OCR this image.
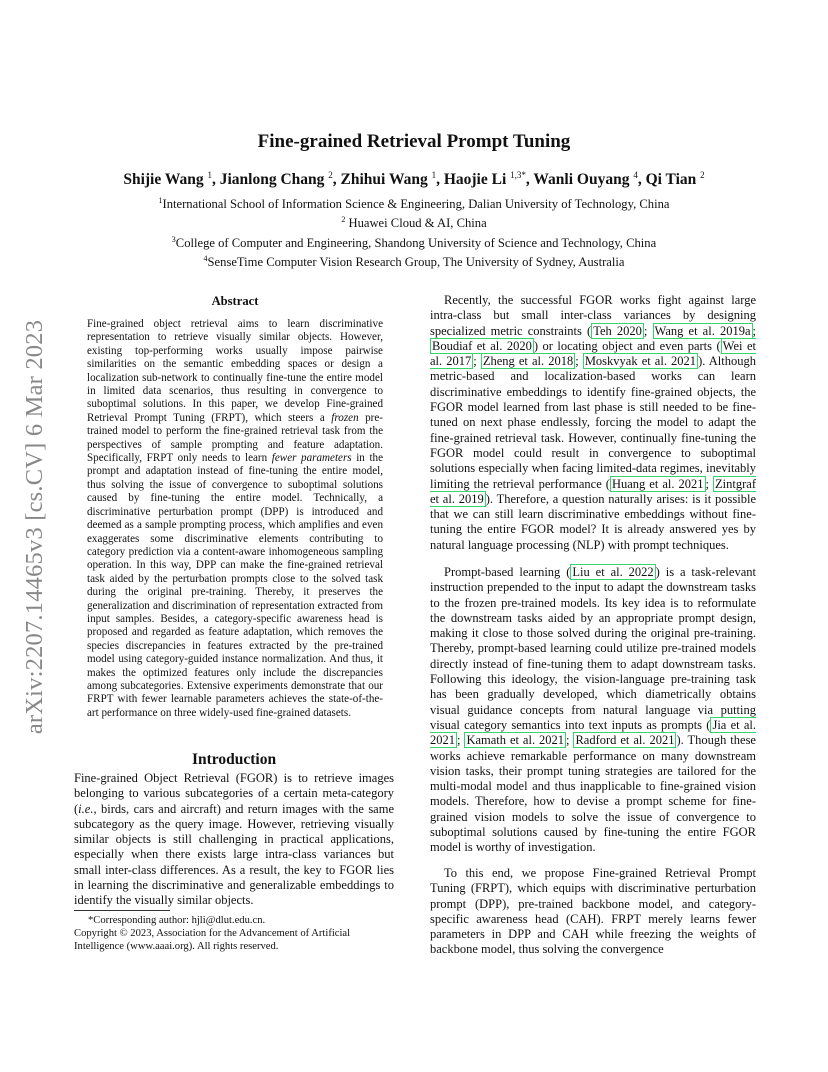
Fine-grained Retrieval Prompt Tuning
Shijie Wang $^1$, Jianlong Chang $^2$, Zhihui Wang $^1$, Haojie Li $^{1,3*}$, Wanli Ouyang $^4$, Qi Tian $^2$
$^1$International School of Information Science & Engineering, Dalian University of Technology, China
$^2$ Huawei Cloud & AI, China
$^3$College of Computer and Engineering, Shandong University of Science and Technology, China
$^4$SenseTime Computer Vision Research Group, The University of Sydney, Australia
arXiv:2207.14465v3 [cs.CV] 6 Mar 2023
Abstract

Fine-grained object retrieval aims to learn discriminative representation to retrieve visually similar objects. However, existing top-performing works usually impose pairwise similarities on the semantic embedding spaces or design a localization sub-network to continually fine-tune the entire model in limited data scenarios, thus resulting in convergence to suboptimal solutions. In this paper, we develop Fine-grained Retrieval Prompt Tuning (FRPT), which steers a frozen pre-trained model to perform the fine-grained retrieval task from the perspectives of sample prompting and feature adaptation. Specifically, FRPT only needs to learn fewer parameters in the prompt and adaptation instead of fine-tuning the entire model, thus solving the issue of convergence to suboptimal solutions caused by fine-tuning the entire model. Technically, a discriminative perturbation prompt (DPP) is introduced and deemed as a sample prompting process, which amplifies and even exaggerates some discriminative elements contributing to category prediction via a content-aware inhomogeneous sampling operation. In this way, DPP can make the fine-grained retrieval task aided by the perturbation prompts close to the solved task during the original pre-training. Thereby, it preserves the generalization and discrimination of representation extracted from input samples. Besides, a category-specific awareness head is proposed and regarded as feature adaptation, which removes the species discrepancies in features extracted by the pre-trained model using category-guided instance normalization. And thus, it makes the optimized features only include the discrepancies among subcategories. Extensive experiments demonstrate that our FRPT with fewer learnable parameters achieves the state-of-the-art performance on three widely-used fine-grained datasets.

Introduction

Fine-grained Object Retrieval (FGOR) is to retrieve images belonging to various subcategories of a certain meta-category (i.e., birds, cars and aircraft) and return images with the same subcategory as the query image. However, retrieving visually similar objects is still challenging in practical applications, especially when there exists large intra-class variances but small inter-class differences. As a result, the key to FGOR lies in learning the discriminative and generalizable embeddings to identify the visually similar objects.

*Corresponding author: hjli@dlut.edu.cn.
Copyright © 2023, Association for the Advancement of Artificial Intelligence (www.aaai.org). All rights reserved.

Recently, the successful FGOR works fight against large intra-class but small inter-class variances by designing specialized metric constraints ( Teh 2020 ; Wang et al. 2019a ; Boudiaf et al. 2020 ) or locating object and even parts ( Wei et al. 2017 ; Zheng et al. 2018 ; Moskvyak et al. 2021 ). Although metric-based and localization-based works can learn discriminative embeddings to identify fine-grained objects, the FGOR model learned from last phase is still needed to be fine-tuned on next phase endlessly, forcing the model to adapt the fine-grained retrieval task. However, continually fine-tuning the FGOR model could result in convergence to suboptimal solutions especially when facing limited-data regimes, inevitably limiting the retrieval performance ( Huang et al. 2021 ; Zintgraf et al. 2019 ). Therefore, a question naturally arises: is it possible that we can still learn discriminative embeddings without fine-tuning the entire FGOR model? It is already answered yes by natural language processing (NLP) with prompt techniques.

Prompt-based learning ( Liu et al. 2022 ) is a task-relevant instruction prepended to the input to adapt the downstream tasks to the frozen pre-trained models. Its key idea is to reformulate the downstream tasks aided by an appropriate prompt design, making it close to those solved during the original pre-training. Thereby, prompt-based learning could utilize pre-trained models directly instead of fine-tuning them to adapt downstream tasks. Following this ideology, the vision-language pre-training task has been gradually developed, which diametrically obtains visual guidance concepts from natural language via putting visual category semantics into text inputs as prompts ( Jia et al. 2021 ; Kamath et al. 2021 ; Radford et al. 2021 ). Though these works achieve remarkable performance on many downstream vision tasks, their prompt tuning strategies are tailored for the multi-modal model and thus inapplicable to fine-grained vision models. Therefore, how to devise a prompt scheme for fine-grained vision models to solve the issue of convergence to suboptimal solutions caused by fine-tuning the entire FGOR model is worthy of investigation.

To this end, we propose Fine-grained Retrieval Prompt Tuning (FRPT), which equips with discriminative perturbation prompt (DPP), pre-trained backbone model, and category-specific awareness head (CAH). FRPT merely learns fewer parameters in DPP and CAH while freezing the weights of backbone model, thus solving the convergence
